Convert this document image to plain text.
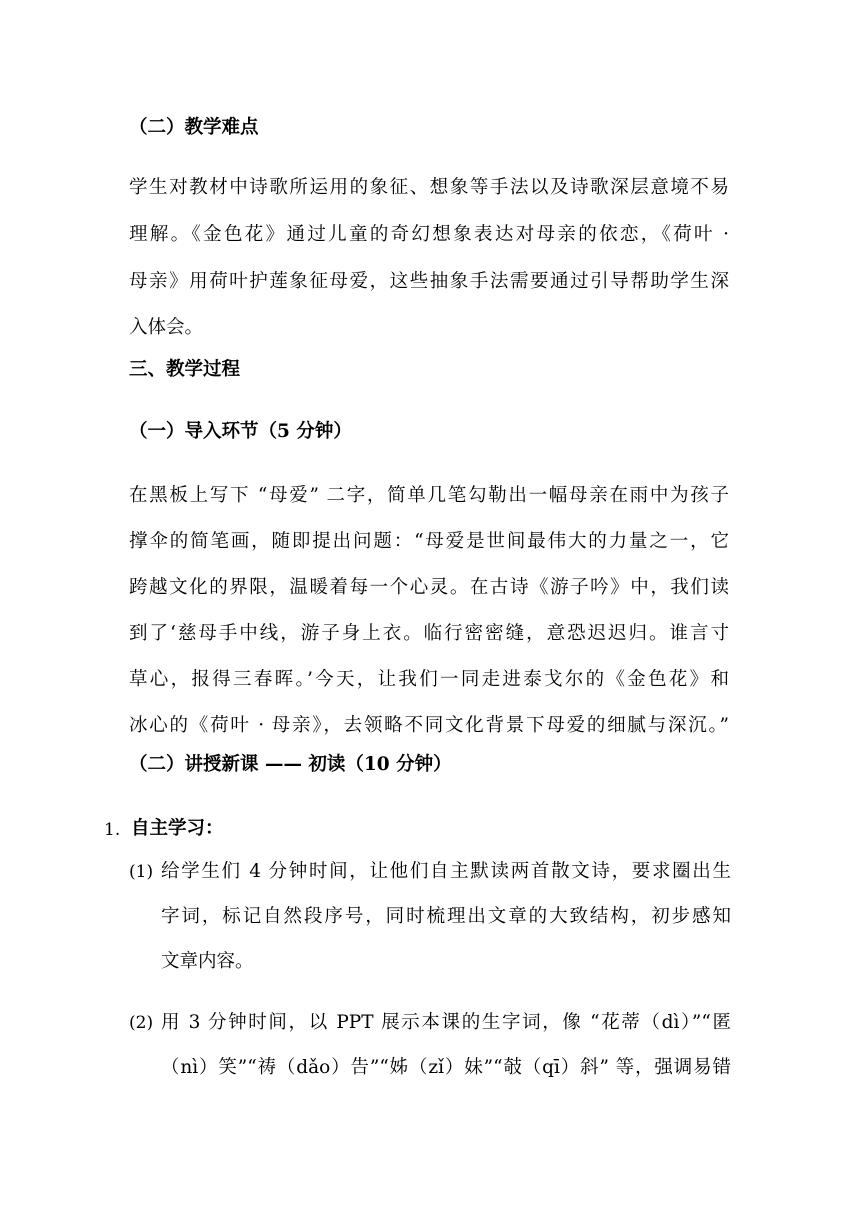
（二）教学难点
学生对教材中诗歌所运用的象征、想象等手法以及诗歌深层意境不易
理解。《金色花》通过儿童的奇幻想象表达对母亲的依恋，《荷叶 ·
母亲》用荷叶护莲象征母爱，这些抽象手法需要通过引导帮助学生深
入体会。
三、教学过程
（一）导入环节（5 分钟）
在黑板上写下 “母爱” 二字，简单几笔勾勒出一幅母亲在雨中为孩子
撑伞的简笔画，随即提出问题：“母爱是世间最伟大的力量之一，它
跨越文化的界限，温暖着每一个心灵。在古诗《游子吟》中，我们读
到了‘慈母手中线，游子身上衣。临行密密缝，意恐迟迟归。谁言寸
草心，报得三春晖。’今天，让我们一同走进泰戈尔的《金色花》和
冰心的《荷叶 · 母亲》，去领略不同文化背景下母爱的细腻与深沉。”
（二）讲授新课 —— 初读（10 分钟）
1. 自主学习：
(1) 给学生们 4 分钟时间，让他们自主默读两首散文诗，要求圈出生
字词，标记自然段序号，同时梳理出文章的大致结构，初步感知
文章内容。
(2) 用 3 分钟时间，以 PPT 展示本课的生字词，像 “花蒂（dì）”“匿
（nì）笑”“祷（dǎo）告”“姊（zǐ）妹”“攲（qī）斜” 等，强调易错
